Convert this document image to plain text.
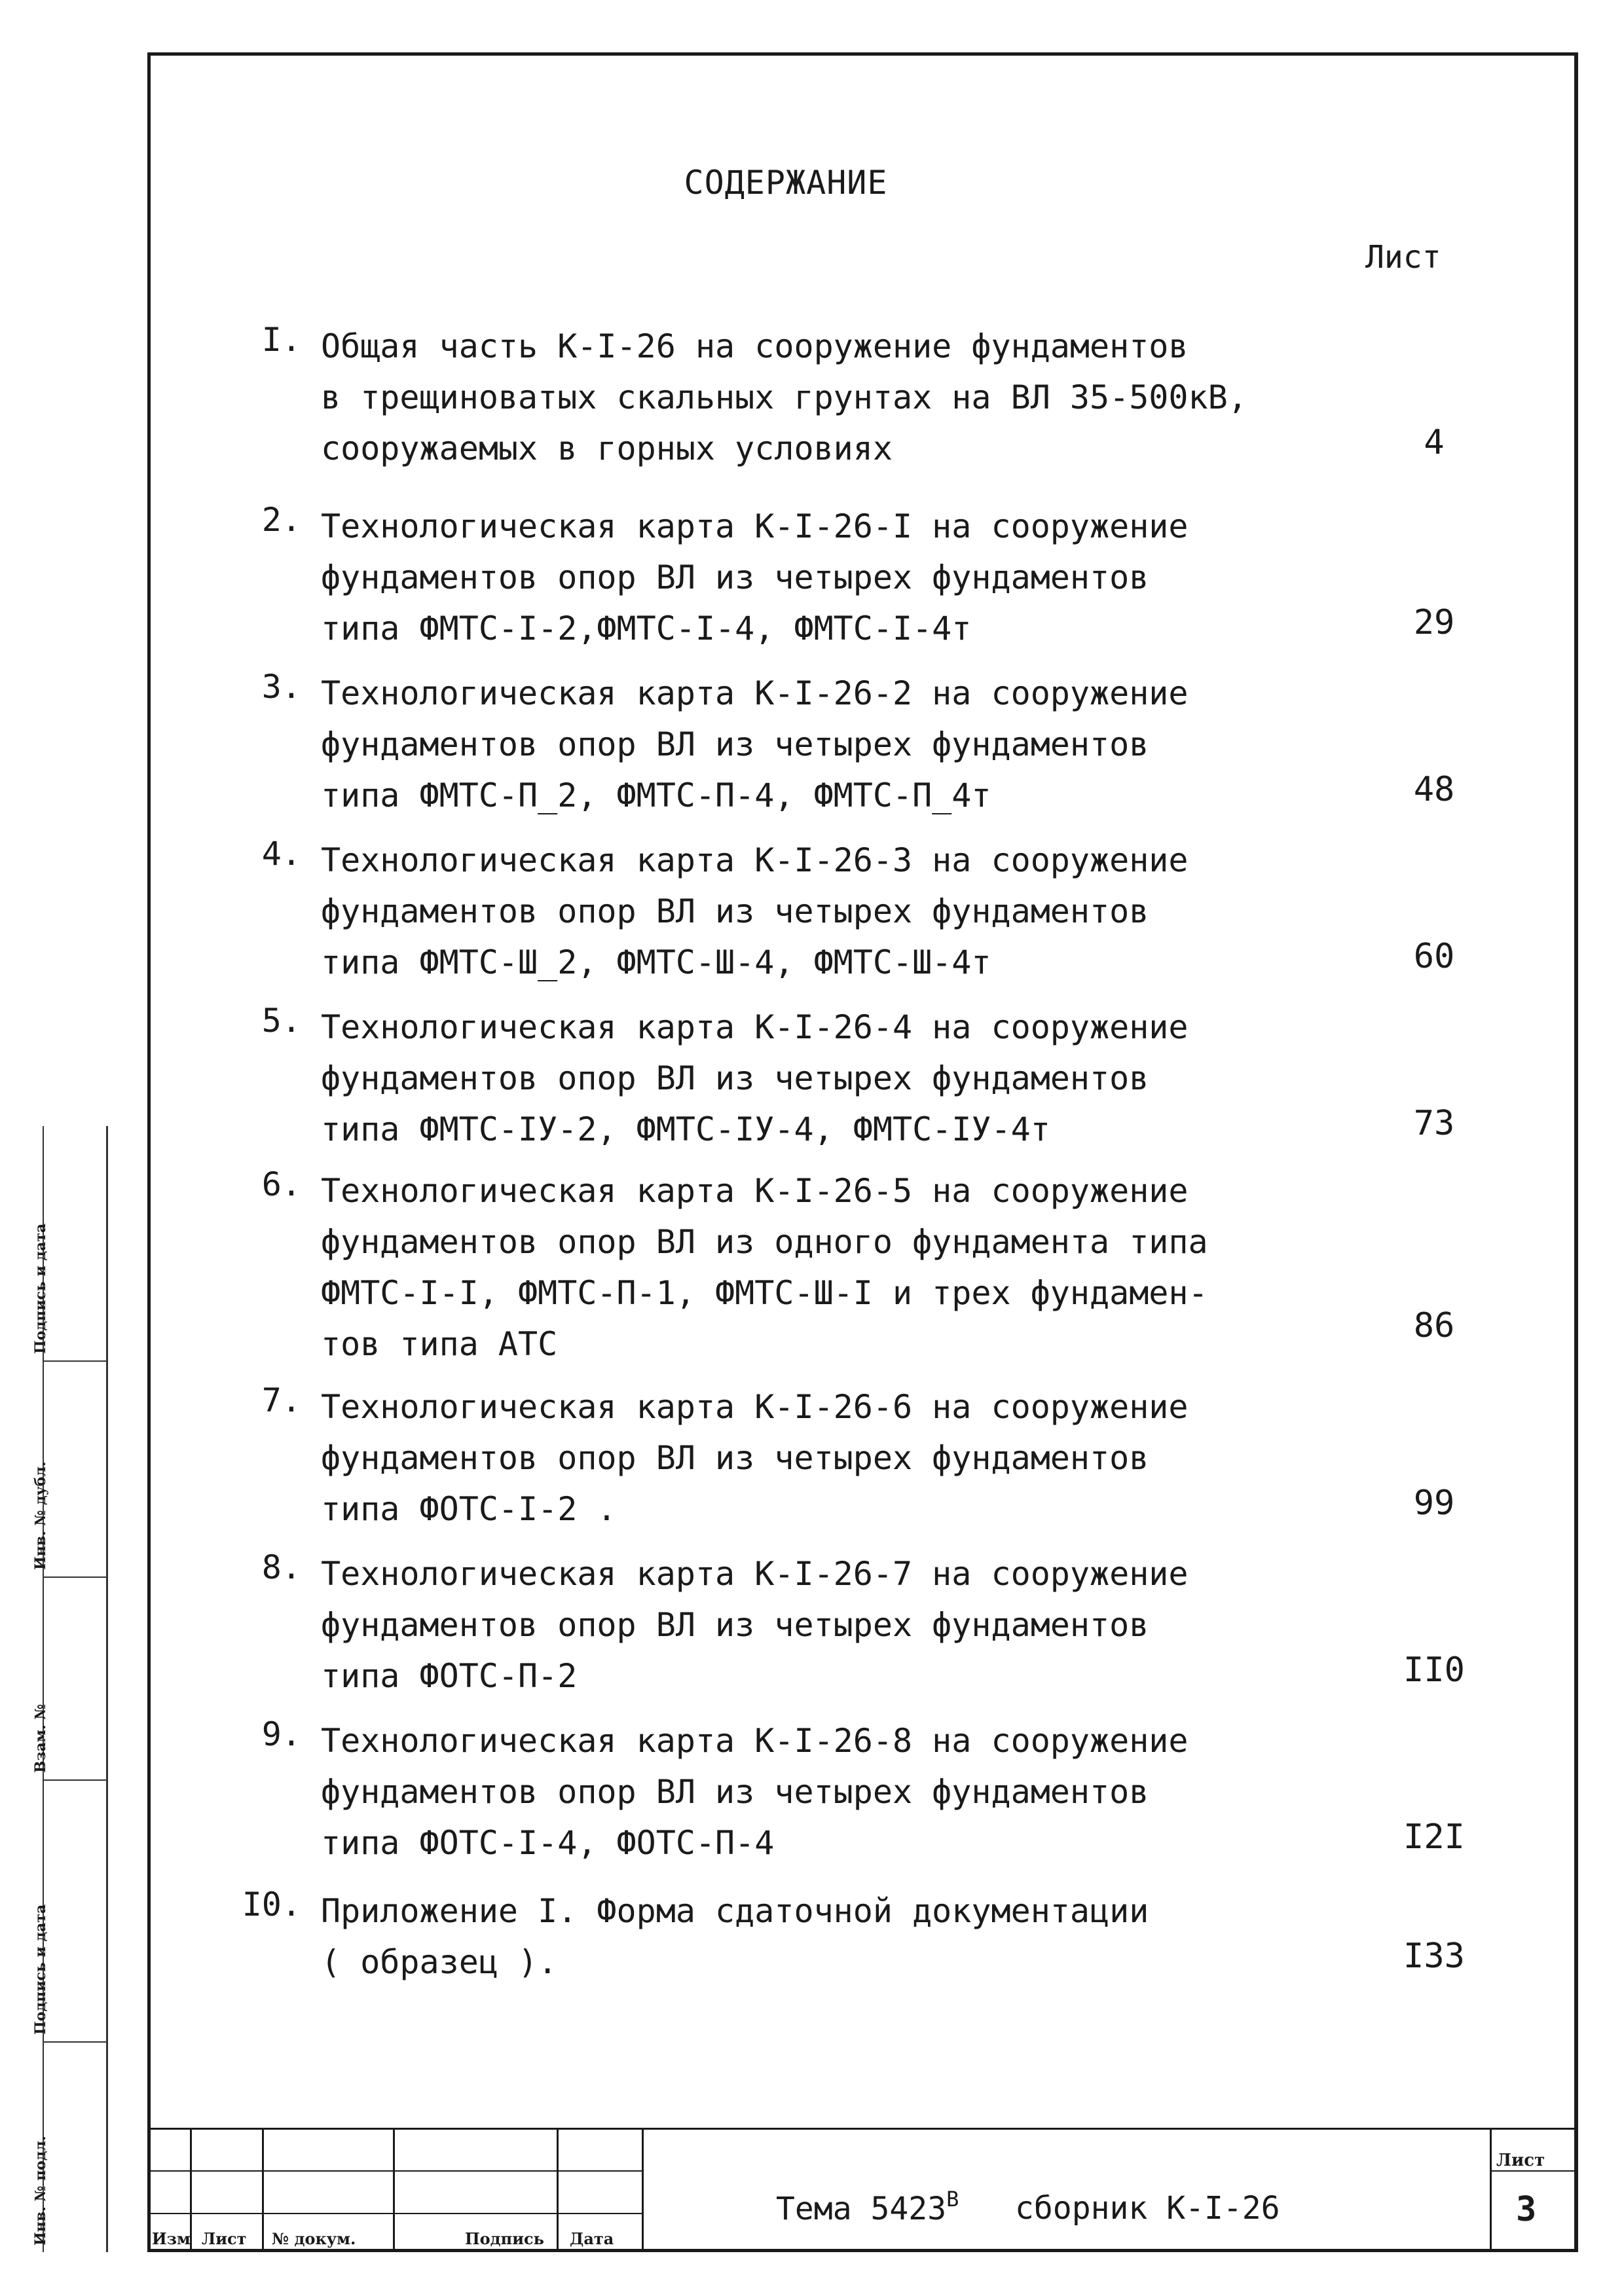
СОДЕРЖАНИЕ
Лист
I. Общая часть К-I-26 на сооружение фундаментов
в трещиноватых скальных грунтах на ВЛ 35-500кВ,
сооружаемых в горных условиях	4
2. Технологическая карта К-I-26-I на сооружение
фундаментов опор ВЛ из четырех фундаментов
типа ФМТС-I-2,ФМТС-I-4, ФМТС-I-4т	29
3. Технологическая карта К-I-26-2 на сооружение
фундаментов опор ВЛ из четырех фундаментов
типа ФМТС-П_2, ФМТС-П-4, ФМТС-П_4т	48
4. Технологическая карта К-I-26-3 на сооружение
фундаментов опор ВЛ из четырех фундаментов
типа ФМТС-Ш_2, ФМТС-Ш-4, ФМТС-Ш-4т	60
5. Технологическая карта К-I-26-4 на сооружение
фундаментов опор ВЛ из четырех фундаментов
типа ФМТС-IУ-2, ФМТС-IУ-4, ФМТС-IУ-4т	73
6. Технологическая карта К-I-26-5 на сооружение
фундаментов опор ВЛ из одного фундамента типа
ФМТС-I-I, ФМТС-П-1, ФМТС-Ш-I и трех фундамен-
тов типа АТС	86
7. Технологическая карта К-I-26-6 на сооружение
фундаментов опор ВЛ из четырех фундаментов
типа ФОТС-I-2 .	99
8. Технологическая карта К-I-26-7 на сооружение
фундаментов опор ВЛ из четырех фундаментов
типа ФОТС-П-2	II0
9. Технологическая карта К-I-26-8 на сооружение
фундаментов опор ВЛ из четырех фундаментов
типа ФОТС-I-4, ФОТС-П-4	I2I
I0. Приложение I. Форма сдаточной документации
( образец ).	I33
Подпись и дата
Инв. № дубл.
Взам. №
Подпись и дата
Инв. № подл.	Изм Лист № докум.	Подпись Дата
Тема $5423^В$ сборник К-I-26
Лист
3
